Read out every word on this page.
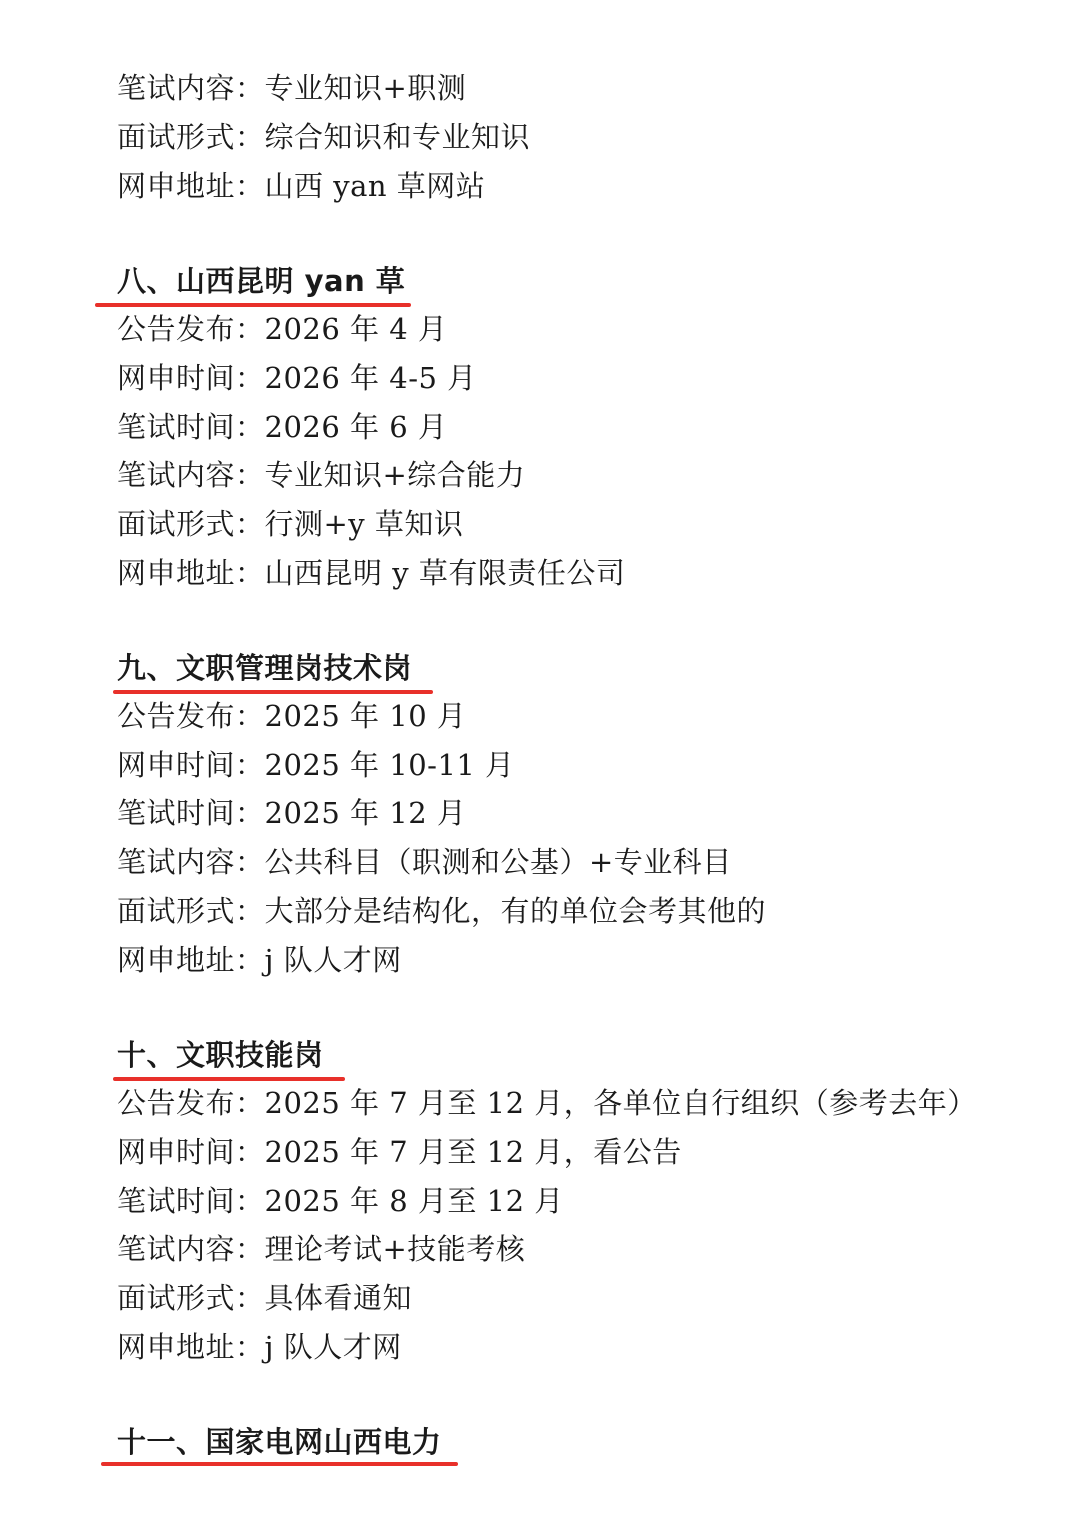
笔试内容：专业知识+职测
面试形式：综合知识和专业知识
网申地址：山西 yan 草网站
八、山西昆明 yan 草
公告发布：2026 年 4 月
网申时间：2026 年 4-5 月
笔试时间：2026 年 6 月
笔试内容：专业知识+综合能力
面试形式：行测+y 草知识
网申地址：山西昆明 y 草有限责任公司
九、文职管理岗技术岗
公告发布：2025 年 10 月
网申时间：2025 年 10-11 月
笔试时间：2025 年 12 月
笔试内容：公共科目（职测和公基）+专业科目
面试形式：大部分是结构化，有的单位会考其他的
网申地址：j 队人才网
十、文职技能岗
公告发布：2025 年 7 月至 12 月，各单位自行组织（参考去年）
网申时间：2025 年 7 月至 12 月，看公告
笔试时间：2025 年 8 月至 12 月
笔试内容：理论考试+技能考核
面试形式：具体看通知
网申地址：j 队人才网
十一、国家电网山西电力
